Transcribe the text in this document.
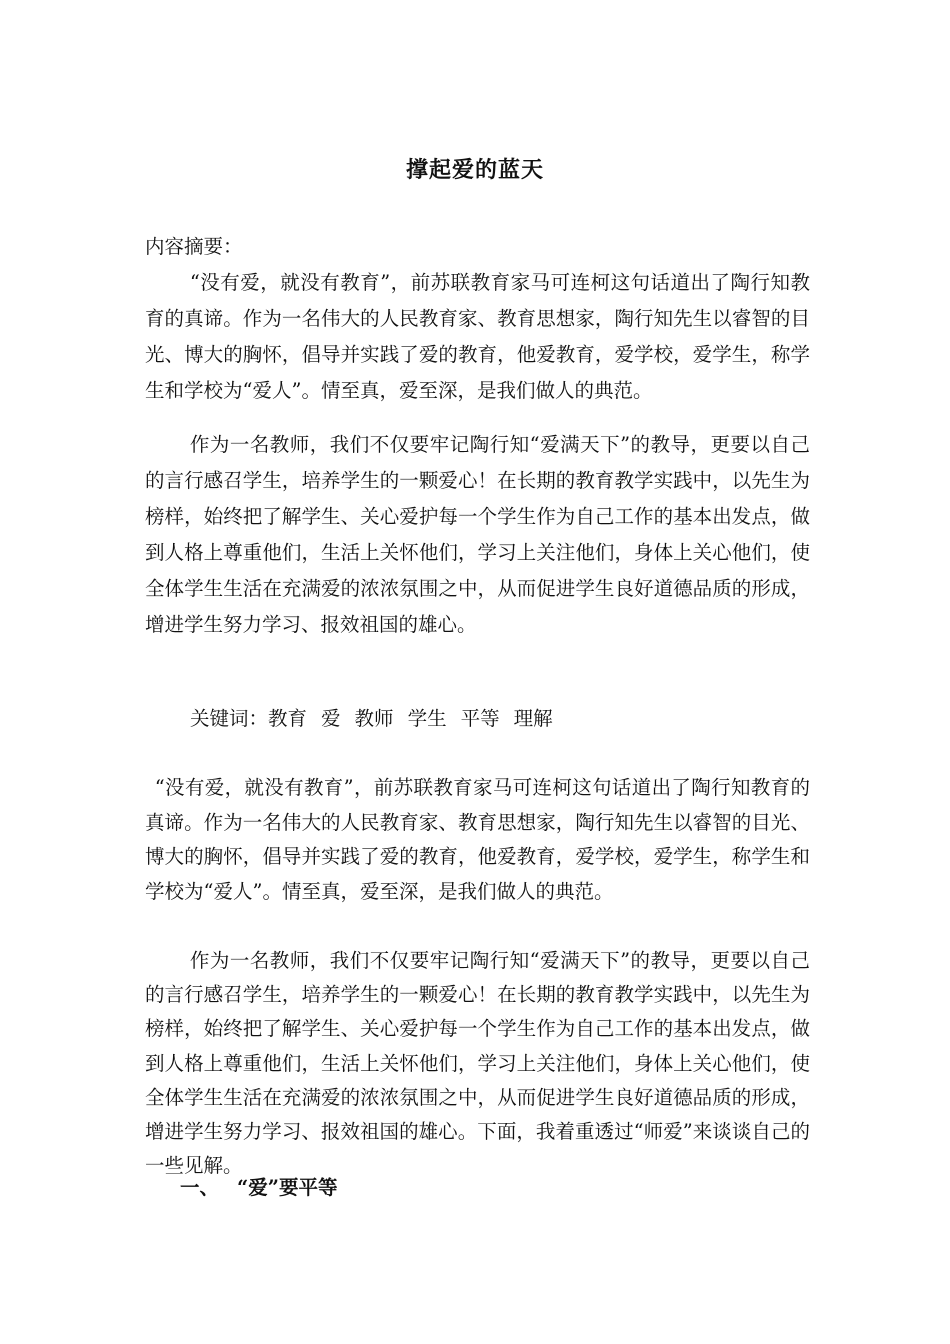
撑起爱的蓝天
内容摘要：
“没有爱，就没有教育”，前苏联教育家马可连柯这句话道出了陶行知教育的真谛。作为一名伟大的人民教育家、教育思想家，陶行知先生以睿智的目光、博大的胸怀，倡导并实践了爱的教育，他爱教育，爱学校，爱学生，称学生和学校为“爱人”。情至真，爱至深，是我们做人的典范。
作为一名教师，我们不仅要牢记陶行知“爱满天下”的教导，更要以自己的言行感召学生，培养学生的一颗爱心！在长期的教育教学实践中，以先生为榜样，始终把了解学生、关心爱护每一个学生作为自己工作的基本出发点，做到人格上尊重他们，生活上关怀他们，学习上关注他们，身体上关心他们，使全体学生生活在充满爱的浓浓氛围之中，从而促进学生良好道德品质的形成，增进学生努力学习、报效祖国的雄心。
关键词：教育 爱 教师 学生 平等 理解
“没有爱，就没有教育”，前苏联教育家马可连柯这句话道出了陶行知教育的真谛。作为一名伟大的人民教育家、教育思想家，陶行知先生以睿智的目光、博大的胸怀，倡导并实践了爱的教育，他爱教育，爱学校，爱学生，称学生和学校为“爱人”。情至真，爱至深，是我们做人的典范。
作为一名教师，我们不仅要牢记陶行知“爱满天下”的教导，更要以自己的言行感召学生，培养学生的一颗爱心！在长期的教育教学实践中，以先生为榜样，始终把了解学生、关心爱护每一个学生作为自己工作的基本出发点，做到人格上尊重他们，生活上关怀他们，学习上关注他们，身体上关心他们，使全体学生生活在充满爱的浓浓氛围之中，从而促进学生良好道德品质的形成，增进学生努力学习、报效祖国的雄心。下面，我着重透过“师爱”来谈谈自己的一些见解。
一、 “爱”要平等
